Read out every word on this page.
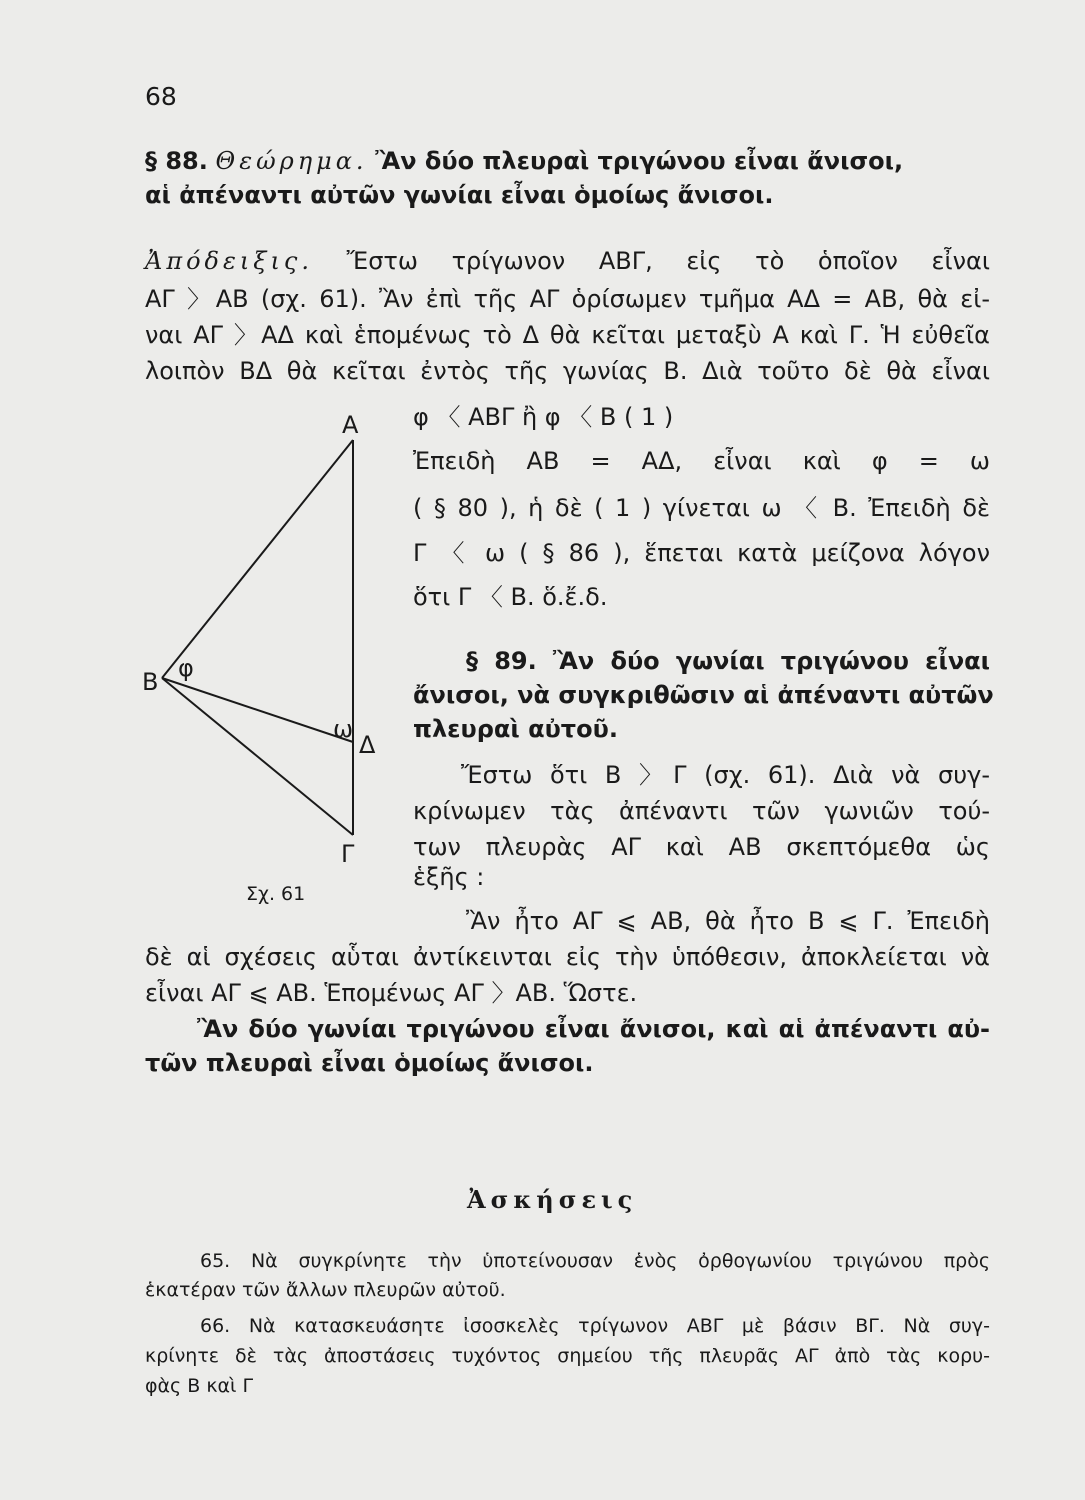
68
§ 88. Θεώρημα. Ἂν δύο πλευραὶ τριγώνου εἶναι ἄνισοι,
αἱ ἀπέναντι αὐτῶν γωνίαι εἶναι ὁμοίως ἄνισοι.
Ἀπόδειξις. Ἔστω τρίγωνον ΑΒΓ, εἰς τὸ ὁποῖον εἶναι
ΑΓ 〉ΑΒ (σχ. 61). Ἂν ἐπὶ τῆς ΑΓ ὁρίσωμεν τμῆμα ΑΔ = ΑΒ, θὰ εἰ-
ναι ΑΓ 〉ΑΔ καὶ ἑπομένως τὸ Δ θὰ κεῖται μεταξὺ Α καὶ Γ. Ἡ εὐθεῖα
λοιπὸν ΒΔ θὰ κεῖται ἐντὸς τῆς γωνίας Β. Διὰ τοῦτο δὲ θὰ εἶναι
φ 〈 ΑΒΓ ἢ φ 〈 Β ( 1 )
Ἐπειδὴ ΑΒ = ΑΔ, εἶναι καὶ φ = ω
( § 80 ), ἡ δὲ ( 1 ) γίνεται ω 〈 Β. Ἐπειδὴ δὲ
Γ 〈 ω ( § 86 ), ἕπεται κατὰ μείζονα λόγον
ὅτι Γ 〈 Β. ὅ.ἔ.δ.
§ 89. Ἂν δύο γωνίαι τριγώνου εἶναι
ἄνισοι, νὰ συγκριθῶσιν αἱ ἀπέναντι αὐτῶν
πλευραὶ αὐτοῦ.
Ἔστω ὅτι Β 〉Γ (σχ. 61). Διὰ νὰ συγ-
κρίνωμεν τὰς ἀπέναντι τῶν γωνιῶν τού-
των πλευρὰς ΑΓ καὶ ΑΒ σκεπτόμεθα ὡς
ἑξῆς :
Ἂν ἦτο ΑΓ ⩽ ΑΒ, θὰ ἦτο Β ⩽ Γ. Ἐπειδὴ
δὲ αἱ σχέσεις αὗται ἀντίκεινται εἰς τὴν ὑπόθεσιν, ἀποκλείεται νὰ
εἶναι ΑΓ ⩽ ΑΒ. Ἑπομένως ΑΓ 〉ΑΒ. Ὥστε.
Ἂν δύο γωνίαι τριγώνου εἶναι ἄνισοι, καὶ αἱ ἀπέναντι αὐ-
τῶν πλευραὶ εἶναι ὁμοίως ἄνισοι.
Ἀσκήσεις
65. Νὰ συγκρίνητε τὴν ὑποτείνουσαν ἑνὸς ὀρθογωνίου τριγώνου πρὸς
ἑκατέραν τῶν ἄλλων πλευρῶν αὐτοῦ.
66. Νὰ κατασκευάσητε ἰσοσκελὲς τρίγωνον ΑΒΓ μὲ βάσιν ΒΓ. Νὰ συγ-
κρίνητε δὲ τὰς ἀποστάσεις τυχόντος σημείου τῆς πλευρᾶς ΑΓ ἀπὸ τὰς κορυ-
φὰς Β καὶ Γ
Α
Β
Γ
Δ
φ
ω
Σχ. 61
